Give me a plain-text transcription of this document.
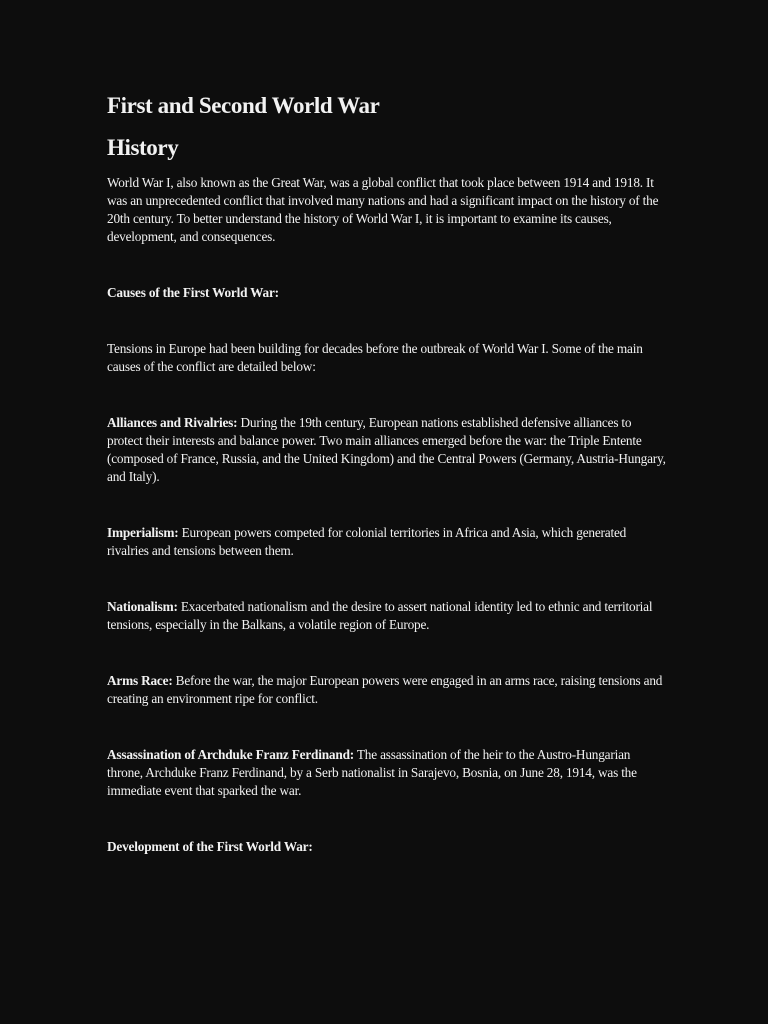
First and Second World War
History

World War I, also known as the Great War, was a global conflict that took place between 1914 and 1918. It was an unprecedented conflict that involved many nations and had a significant impact on the history of the 20th century. To better understand the history of World War I, it is important to examine its causes, development, and consequences.

Causes of the First World War:

Tensions in Europe had been building for decades before the outbreak of World War I. Some of the main causes of the conflict are detailed below:

Alliances and Rivalries: During the 19th century, European nations established defensive alliances to protect their interests and balance power. Two main alliances emerged before the war: the Triple Entente (composed of France, Russia, and the United Kingdom) and the Central Powers (Germany, Austria-Hungary, and Italy).

Imperialism: European powers competed for colonial territories in Africa and Asia, which generated rivalries and tensions between them.

Nationalism: Exacerbated nationalism and the desire to assert national identity led to ethnic and territorial tensions, especially in the Balkans, a volatile region of Europe.

Arms Race: Before the war, the major European powers were engaged in an arms race, raising tensions and creating an environment ripe for conflict.

Assassination of Archduke Franz Ferdinand: The assassination of the heir to the Austro-Hungarian throne, Archduke Franz Ferdinand, by a Serb nationalist in Sarajevo, Bosnia, on June 28, 1914, was the immediate event that sparked the war.

Development of the First World War:
